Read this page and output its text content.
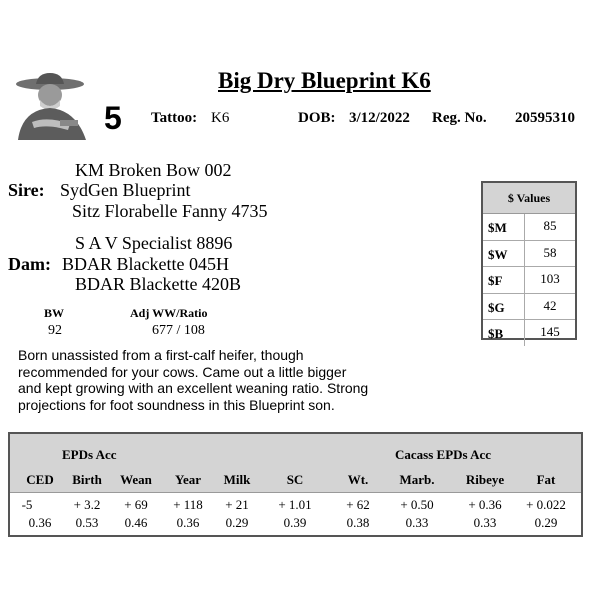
Big Dry Blueprint K6
5 Tattoo: K6	DOB: 3/12/2022 Reg. No. 20595310
KM Broken Bow 002
Sire: SydGen Blueprint
Sitz Florabelle Fanny 4735
S A V Specialist 8896
Dam: BDAR Blackette 045H
BDAR Blackette 420B
BW
92
Adj WW/Ratio
677 / 108
Born unassisted from a first-calf heifer, though recommended for your cows. Came out a little bigger and kept growing with an excellent weaning ratio. Strong projections for foot soundness in this Blueprint son.
$ Values
$M	85
$W	58
$F	103
$G	42
$B	145
EPDs Acc	Cacass EPDs Acc
CED	Birth	Wean	Year	Milk	SC	Wt.	Marb.	Ribeye	Fat
-5	+ 3.2	+ 69	+ 118	+ 21	+ 1.01	+ 62	+ 0.50	+ 0.36	+ 0.022
0.36	0.53	0.46	0.36	0.29	0.39	0.38	0.33	0.33	0.29
